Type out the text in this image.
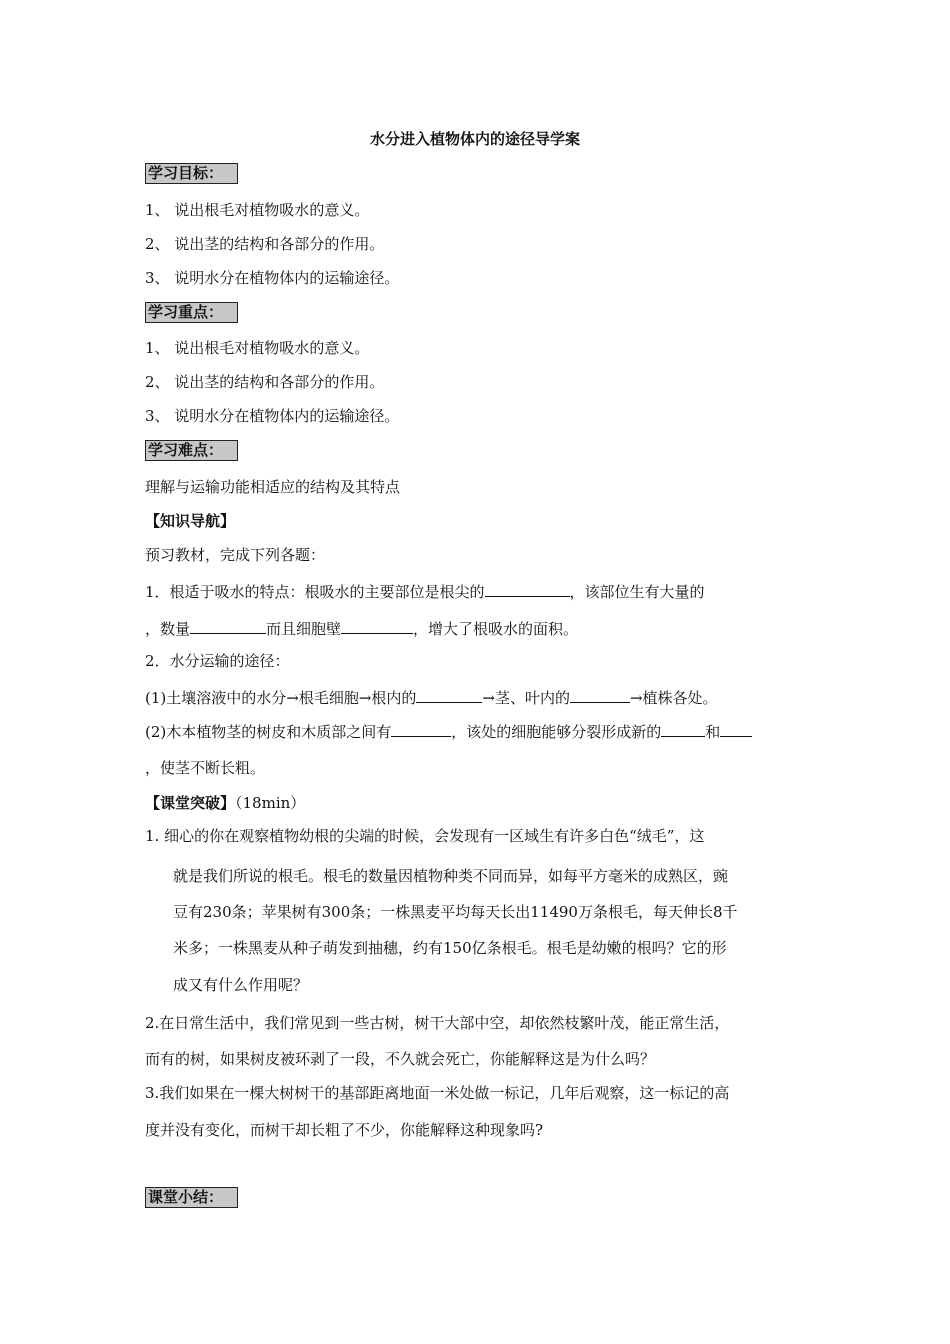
水分进入植物体内的途径导学案
学习目标：
1、 说出根毛对植物吸水的意义。
2、 说出茎的结构和各部分的作用。
3、 说明水分在植物体内的运输途径。
学习重点：
1、 说出根毛对植物吸水的意义。
2、 说出茎的结构和各部分的作用。
3、 说明水分在植物体内的运输途径。
学习难点：
理解与运输功能相适应的结构及其特点
【知识导航】
预习教材，完成下列各题：
1．根适于吸水的特点：根吸水的主要部位是根尖的	，该部位生有大量的
，数量	而且细胞壁	，增大了根吸水的面积。
2．水分运输的途径：
(1)土壤溶液中的水分→根毛细胞→根内的	→茎、叶内的	→植株各处。
(2)木本植物茎的树皮和木质部之间有	，该处的细胞能够分裂形成新的	和
，使茎不断长粗。
【课堂突破】（18min）
1. 细心的你在观察植物幼根的尖端的时候，会发现有一区域生有许多白色“绒毛”，这
就是我们所说的根毛。根毛的数量因植物种类不同而异，如每平方毫米的成熟区，豌
豆有230条；苹果树有300条；一株黑麦平均每天长出11490万条根毛，每天伸长8千
米多；一株黑麦从种子萌发到抽穗，约有150亿条根毛。根毛是幼嫩的根吗？它的形
成又有什么作用呢？
2.在日常生活中，我们常见到一些古树，树干大部中空，却依然枝繁叶茂，能正常生活，
而有的树，如果树皮被环剥了一段，不久就会死亡，你能解释这是为什么吗？
3.我们如果在一棵大树树干的基部距离地面一米处做一标记，几年后观察，这一标记的高
度并没有变化，而树干却长粗了不少，你能解释这种现象吗?
课堂小结：
